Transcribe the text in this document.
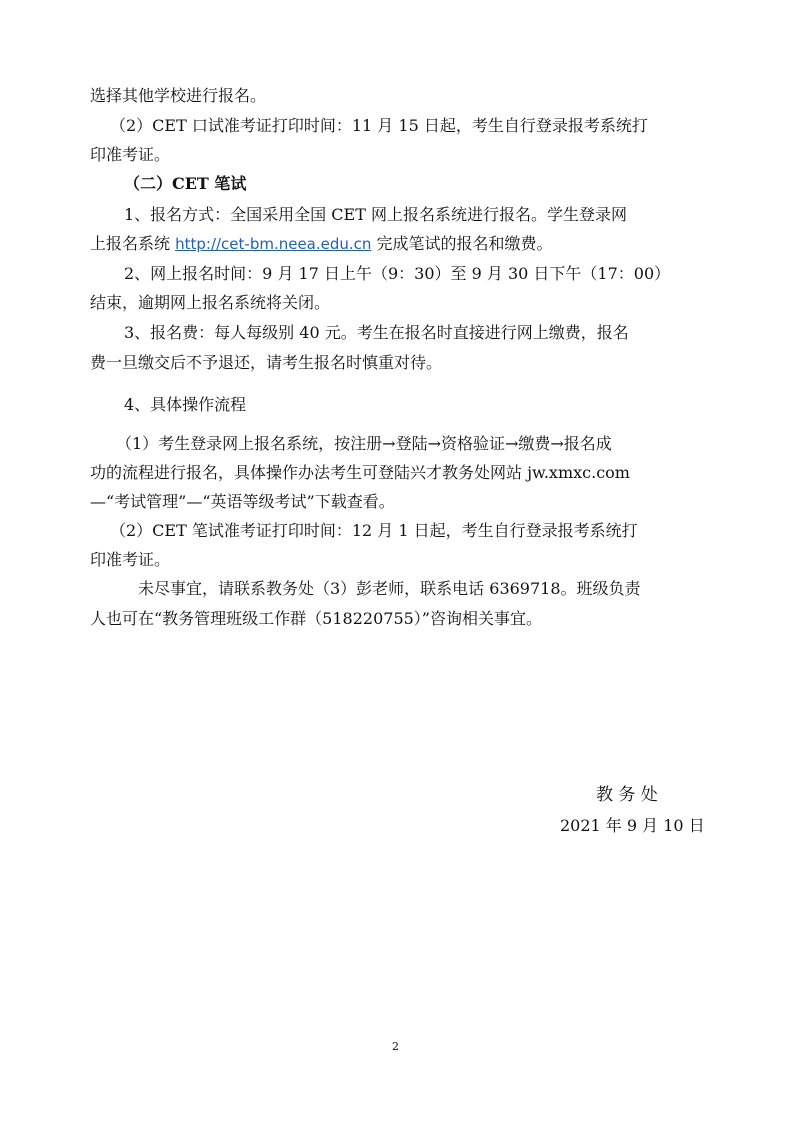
选择其他学校进行报名。
（2）CET 口试准考证打印时间：11 月 15 日起，考生自行登录报考系统打
印准考证。
（二）CET 笔试
1、报名方式：全国采用全国 CET 网上报名系统进行报名。学生登录网
上报名系统 http://cet-bm.neea.edu.cn 完成笔试的报名和缴费。
2、网上报名时间：9 月 17 日上午（9：30）至 9 月 30 日下午（17：00）
结束，逾期网上报名系统将关闭。
3、报名费：每人每级别 40 元。考生在报名时直接进行网上缴费，报名
费一旦缴交后不予退还，请考生报名时慎重对待。
4、具体操作流程
（1）考生登录网上报名系统，按注册→登陆→资格验证→缴费→报名成
功的流程进行报名，具体操作办法考生可登陆兴才教务处网站 jw.xmxc.com
—“考试管理”—“英语等级考试”下载查看。
（2）CET 笔试准考证打印时间：12 月 1 日起，考生自行登录报考系统打
印准考证。
未尽事宜，请联系教务处（3）彭老师，联系电话 6369718。班级负责
人也可在“教务管理班级工作群（518220755）”咨询相关事宜。
教 务 处
2021 年 9 月 10 日
2
